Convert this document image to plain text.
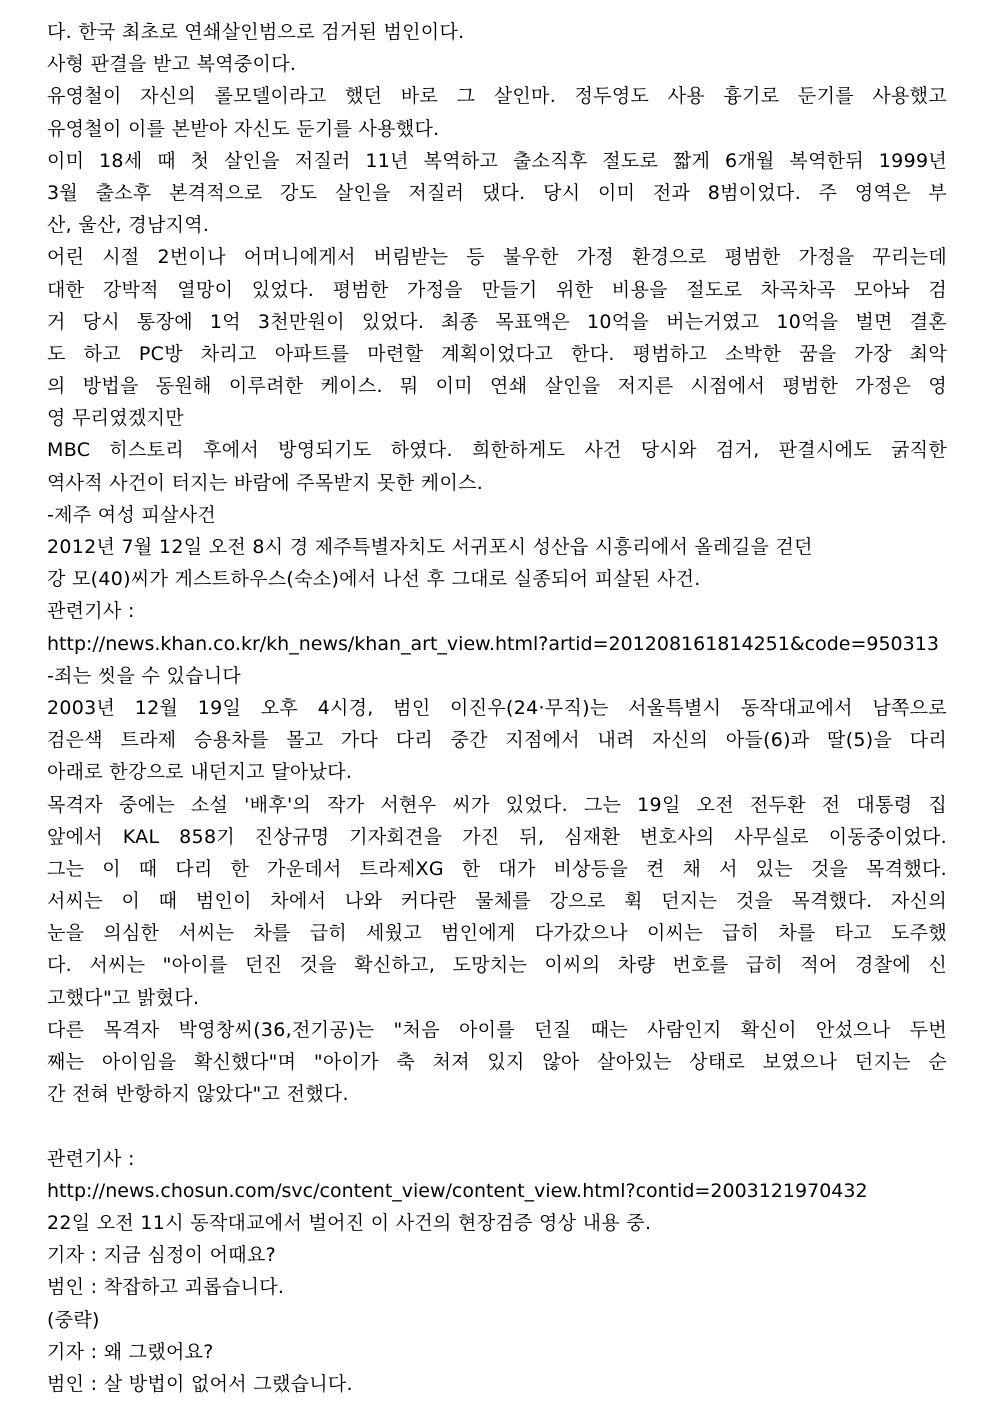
다. 한국 최초로 연쇄살인범으로 검거된 범인이다.
사형 판결을 받고 복역중이다.
유영철이 자신의 롤모델이라고 했던 바로 그 살인마. 정두영도 사용 흉기로 둔기를 사용했고
유영철이 이를 본받아 자신도 둔기를 사용했다.
이미 18세 때 첫 살인을 저질러 11년 복역하고 출소직후 절도로 짧게 6개월 복역한뒤 1999년
3월 출소후 본격적으로 강도 살인을 저질러 댔다. 당시 이미 전과 8범이었다. 주 영역은 부
산, 울산, 경남지역.
어린 시절 2번이나 어머니에게서 버림받는 등 불우한 가정 환경으로 평범한 가정을 꾸리는데
대한 강박적 열망이 있었다. 평범한 가정을 만들기 위한 비용을 절도로 차곡차곡 모아놔 검
거 당시 통장에 1억 3천만원이 있었다. 최종 목표액은 10억을 버는거였고 10억을 벌면 결혼
도 하고 PC방 차리고 아파트를 마련할 계획이었다고 한다. 평범하고 소박한 꿈을 가장 최악
의 방법을 동원해 이루려한 케이스. 뭐 이미 연쇄 살인을 저지른 시점에서 평범한 가정은 영
영 무리였겠지만
MBC 히스토리 후에서 방영되기도 하였다. 희한하게도 사건 당시와 검거, 판결시에도 굵직한
역사적 사건이 터지는 바람에 주목받지 못한 케이스.
-제주 여성 피살사건
2012년 7월 12일 오전 8시 경 제주특별자치도 서귀포시 성산읍 시흥리에서 올레길을 걷던
강 모(40)씨가 게스트하우스(숙소)에서 나선 후 그대로 실종되어 피살된 사건.
관련기사 :
http://news.khan.co.kr/kh_news/khan_art_view.html?artid=201208161814251&code=950313
-죄는 씻을 수 있습니다
2003년 12월 19일 오후 4시경, 범인 이진우(24·무직)는 서울특별시 동작대교에서 남쪽으로
검은색 트라제 승용차를 몰고 가다 다리 중간 지점에서 내려 자신의 아들(6)과 딸(5)을 다리
아래로 한강으로 내던지고 달아났다.
목격자 중에는 소설 '배후'의 작가 서현우 씨가 있었다. 그는 19일 오전 전두환 전 대통령 집
앞에서 KAL 858기 진상규명 기자회견을 가진 뒤, 심재환 변호사의 사무실로 이동중이었다.
그는 이 때 다리 한 가운데서 트라제XG 한 대가 비상등을 켠 채 서 있는 것을 목격했다.
서씨는 이 때 범인이 차에서 나와 커다란 물체를 강으로 휙 던지는 것을 목격했다. 자신의
눈을 의심한 서씨는 차를 급히 세웠고 범인에게 다가갔으나 이씨는 급히 차를 타고 도주했
다. 서씨는 "아이를 던진 것을 확신하고, 도망치는 이씨의 차량 번호를 급히 적어 경찰에 신
고했다"고 밝혔다.
다른 목격자 박영창씨(36,전기공)는 "처음 아이를 던질 때는 사람인지 확신이 안섰으나 두번
째는 아이임을 확신했다"며 "아이가 축 처져 있지 않아 살아있는 상태로 보였으나 던지는 순
간 전혀 반항하지 않았다"고 전했다.
관련기사 :
http://news.chosun.com/svc/content_view/content_view.html?contid=2003121970432
22일 오전 11시 동작대교에서 벌어진 이 사건의 현장검증 영상 내용 중.
기자 : 지금 심정이 어때요?
범인 : 착잡하고 괴롭습니다.
(중략)
기자 : 왜 그랬어요?
범인 : 살 방법이 없어서 그랬습니다.
